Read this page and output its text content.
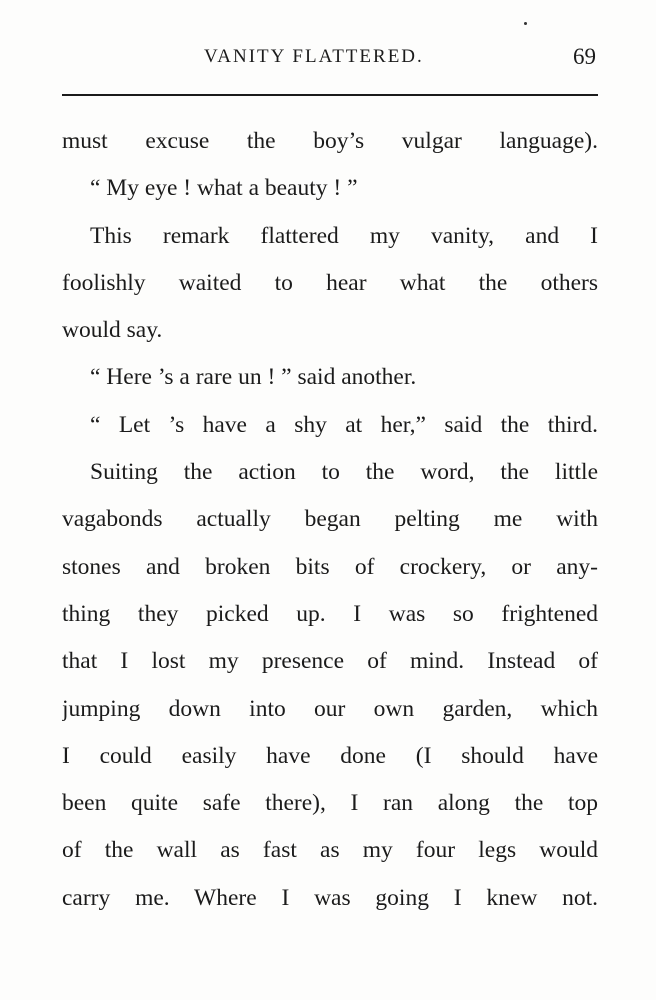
VANITY FLATTERED.	69
must excuse the boy’s vulgar language).
“ My eye ! what a beauty ! ”
This remark flattered my vanity, and I
foolishly waited to hear what the others
would say.
“ Here ’s a rare un ! ” said another.
“ Let ’s have a shy at her,” said the third.
Suiting the action to the word, the little
vagabonds actually began pelting me with
stones and broken bits of crockery, or any-
thing they picked up. I was so frightened
that I lost my presence of mind. Instead of
jumping down into our own garden, which
I could easily have done (I should have
been quite safe there), I ran along the top
of the wall as fast as my four legs would
carry me. Where I was going I knew not.
